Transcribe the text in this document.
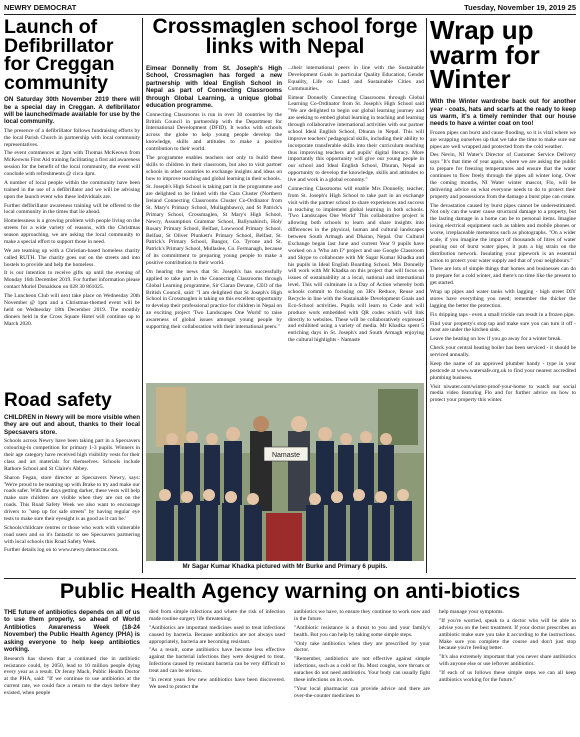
NEWRY DEMOCRAT	Tuesday, November 19, 2019 25
Launch of Defibrillator for Creggan community

ON Saturday 30th November 2019 there will be a special day in Creggan. A defibrillator will be launched/made available for use by the local community.

The presence of a defibrillator follows fundraising efforts by the local Parish Church in partnership with local community representatives.

The event commences at 2pm with Thomas McKeown from McKeowns First Aid training facilitating a first aid awareness session for the benefit of the local community, the event will conclude with refreshments @ circa 4pm.

A number of local people within the community have been trained in the use of a defibrillator and we will be advising upon the launch event who these individuals are.

Further defibrillator awareness training will be offered to the local community in the times that lie ahead.

Homelessness is a growing problem with people living on the streets for a wide variety of reasons, with the Christmas season approaching, we are asking the local community to make a special effort to support those in need.

We are teaming up with a Christian-based homeless charity called RUTH. The charity goes out on the streets and into hostels to provide and help the homeless.

It is our intention to receive gifts up until the evening of Monday 16th December 2019. For further information please contact Muriel Donaldson on 028 30 861025.

The Luncheon Club will next take place on Wednesday 20th November @ 1pm and a Christmas-themed event will be held on Wednesday 18th December 2019. The monthly dinners held in the Cross Square Hotel will continue up to March 2020.

Road safety

CHILDREN in Newry will be more visible when they are out and about, thanks to their local Specsavers store.

Schools across Newry have been taking part in a Specsavers colouring-in competition for primary 1-3 pupils. Winners in their age category have received high visibility vests for their class and art materials for themselves. Schools include Rathore School and St Claire's Abbey.

Sharon Fegan, store director at Specsavers Newry, says: 'We're proud to be teaming up with Brake to try and make our roads safer. With the days getting darker, these vests will help make sure children are visible when they are out on the roads. This Road Safety Week we also want to encourage drivers to "step up for safe streets" by having regular eye tests to make sure their eyesight is as good as it can be.'

Schools/childcare centres or those who work with vulnerable road users and so it's fantastic to see Specsavers partnering with local schools this Road Safety Week.

Further details log on to www.newry.democrat.com.

Crossmaglen school forge links with Nepal

Eimear Donnelly from St. Joseph's High School, Crossmaglen has forged a new partnership with Ideal English School in Nepal as part of Connecting Classrooms through Global Learning, a unique global education programme.

Connecting Classrooms is run in over 30 countries by the British Council in partnership with the Department for International Development (DFID). It works with schools across the globe to help young people develop the knowledge, skills and attitudes to make a positive contribution to their world.

The programme enables teachers not only to build these skills to children in their classroom, but also to visit partner schools in other countries to exchange insights and ideas on how to improve teaching and global learning in their schools.

St. Joseph's High School is taking part in the programme and are delighted to be linked with the Cara Cluster (Northern Ireland Connecting Classrooms Cluster Co-Ordinator from St. Mary's Primary School, Mullaghbawn), and St Patrick's Primary School, Crossmaglen, St Mary's High School, Newry, Assumption Grammar School, Ballynahinch, Holy Rosary Primary School, Belfast, Lowwood Primary School, Belfast, St Oliver Plunkett's Primary School, Belfast, St. Patrick's Primary School, Bangor, Co. Tyrone and St. Patrick's Primary School, Mullaslee, Co. Fermanagh, because of its commitment to preparing young people to make a positive contribution to their world.

On hearing the news that St. Joseph's has successfully applied to take part in the Connecting Classrooms through Global Learning programme, Sir Ciaran Devane, CEO of the British Council, said: "I am delighted that St Joseph's High School in Crossmaglen is taking on this excellent opportunity to develop their professional practice for children in Nepal on an exciting project 'Two Landscapes One World' to raise awareness of global issues amongst young people by supporting their collaboration with their international peers."

...their international peers in line with the Sustainable Development Goals in particular Quality Education, Gender Equality, Life on Land and Sustainable Cities and Communities.

Eimear Donnelly Connecting Classrooms through Global Learning Co-Ordinator from St. Joseph's High School said "We are delighted to begin our global learning journey and are seeking to embed global learning in teaching and learning through collaborative international activities with our partner school Ideal English School, Dhuran in Nepal. This will improve teachers' pedagogical skills, including their ability to incorporate transferable skills into their curriculum teaching thus improving teachers and pupils' digital literacy. More importantly this opportunity will give our young people in our school and Ideal English School, Dhuran, Nepal an opportunity to develop the knowledge, skills and attitudes to live and work in a global economy."

Connecting Classrooms will enable Mrs Donnelly, teacher, from St. Joseph's High School to take part in an exchange visit with the partner school to share experiences and success in teaching to implement global learning in both schools. 'Two Landscapes One World' This collaborative project is allowing both schools to learn and share insights into differences in the physical, human and cultural landscapes between South Armagh and Dharan, Nepal. Our Cultural Exchange began last June and current Year 9 pupils have worked on a 'Who am I?' project and use Google Classroom and Skype to collaborate with Mr Sagar Kumar Khadka and his pupils in Ideal English Boarding School. Mrs Donnelly will work with Mr Khadka on this project that will focus on issues of sustainability at a local, national and international level. This will culminate in a Day of Action whereby both schools commit to focusing on 3R's Reduce, Reuse and Recycle in line with the Sustainable Development Goals and Eco-School activities. Pupils will learn to Code and will produce work embedded with QR codes which will link directly to websites. These will be collaboratively expressed and exhibited using a variety of media. Mr Khadka spent 5 enriching days in St. Joseph's and South Armagh enjoying the cultural highlights - Namaste

Namaste
Mr Sagar Kumar Khadka pictured with Mr Burke and Primary 6 pupils.
Wrap up warm for Winter

With the Winter wardrobe back out for another year - coats, hats and scarfs at the ready to keep us warm, it's a timely reminder that our house needs to have a winter coat on too!

Frozen pipes can burst and cause flooding, so it is vital where we are wrapping ourselves up that we take the time to make sure our pipes are well wrapped and protected from the cold weather.

Des Nevin, NI Water's Director of Customer Service Delivery says "It's that time of year again, where we are asking the public to prepare for freezing temperatures and ensure that the water continues to flow freely through the pipes all winter long. Over the coming months, NI Water winter mascot, Flo, will be delivering advice on what everyone needs to do to protect their property and possessions from the damage a burst pipe can create.

The devastation caused by burst pipes cannot be underestimated. Not only can the water cause structural damage to a property, but the lasting damage in a home can be to personal items. Imagine losing electrical equipment such as tablets and mobile phones or worse, irreplaceable mementos such as photographs. "On a wider scale, if you imagine the impact of thousands of litres of water pouring out of burst water pipes, it puts a big strain on the distribution network. Insulating your pipework is an essential action to protect your water supply and that of your neighbours."

There are lots of simple things that homes and businesses can do to prepare for a cold winter, and there's no time like the present to get started.

Wrap up pipes and water tanks with lagging - high street DIY stores have everything you need; remember the thicker the lagging the better the protection.

Fix dripping taps - even a small trickle can result in a frozen pipe.

Find your property's stop tap and make sure you can turn it off - most are under the kitchen sink.

Leave the heating on low if you go away for a winter break.

Check your central heating boiler has been serviced - it should be serviced annually.

Keep the name of an approved plumber handy - type in your postcode at www.watersafe.org.uk to find your nearest accredited plumbing business.

Visit niwater.com/winter-proof-your-home to watch our social media video featuring Flo and for further advice on how to protect your property this winter.

Public Health Agency warning on anti-biotics

THE future of antibiotics depends on all of us to use them properly, so ahead of World Antibiotics Awareness Week (18-24 November) the Public Health Agency (PHA) is asking everyone to help keep antibiotics working.

Research has shown that a continued rise in antibiotic resistance could, by 2050, lead to 10 million people dying every year as a result. Dr Jenny Mack, Public Health Doctor at the PHA, said: "If we continue to use antibiotics at the current rate, we could face a return to the days before they existed, when people

died from simple infections and where the risk of infection made routine surgery life threatening.

"Antibiotics are important medicines used to treat infections caused by bacteria. Because antibiotics are not always used appropriately, bacteria are becoming resistant.

"As a result, some antibiotics have become less effective against the bacterial infections they were designed to treat. Infections caused by resistant bacteria can be very difficult to treat and can be serious.

"In recent years few new antibiotics have been discovered. We need to protect the

antibiotics we have, to ensure they continue to work now and in the future.

"Antibiotic resistance is a threat to you and your family's health. But you can help by taking some simple steps.

"Only take antibiotics when they are prescribed by your doctor.

"Remember, antibiotics are not effective against simple infections, such as a cold or flu. Most coughs, sore throats or earaches do not need antibiotics. Your body can usually fight these infections on its own.

"Your local pharmacist can provide advice and there are over-the-counter medicines to

help manage your symptoms.

"If you're worried, speak to a doctor who will be able to advise you on the best treatment. If your doctor prescribes an antibiotic make sure you take it according to the instructions. Make sure you complete the course and don't just stop because you're feeling better.

"It's also extremely important that you never share antibiotics with anyone else or use leftover antibiotics.

"If each of us follows these simple steps we can all keep antibiotics working for the future."
